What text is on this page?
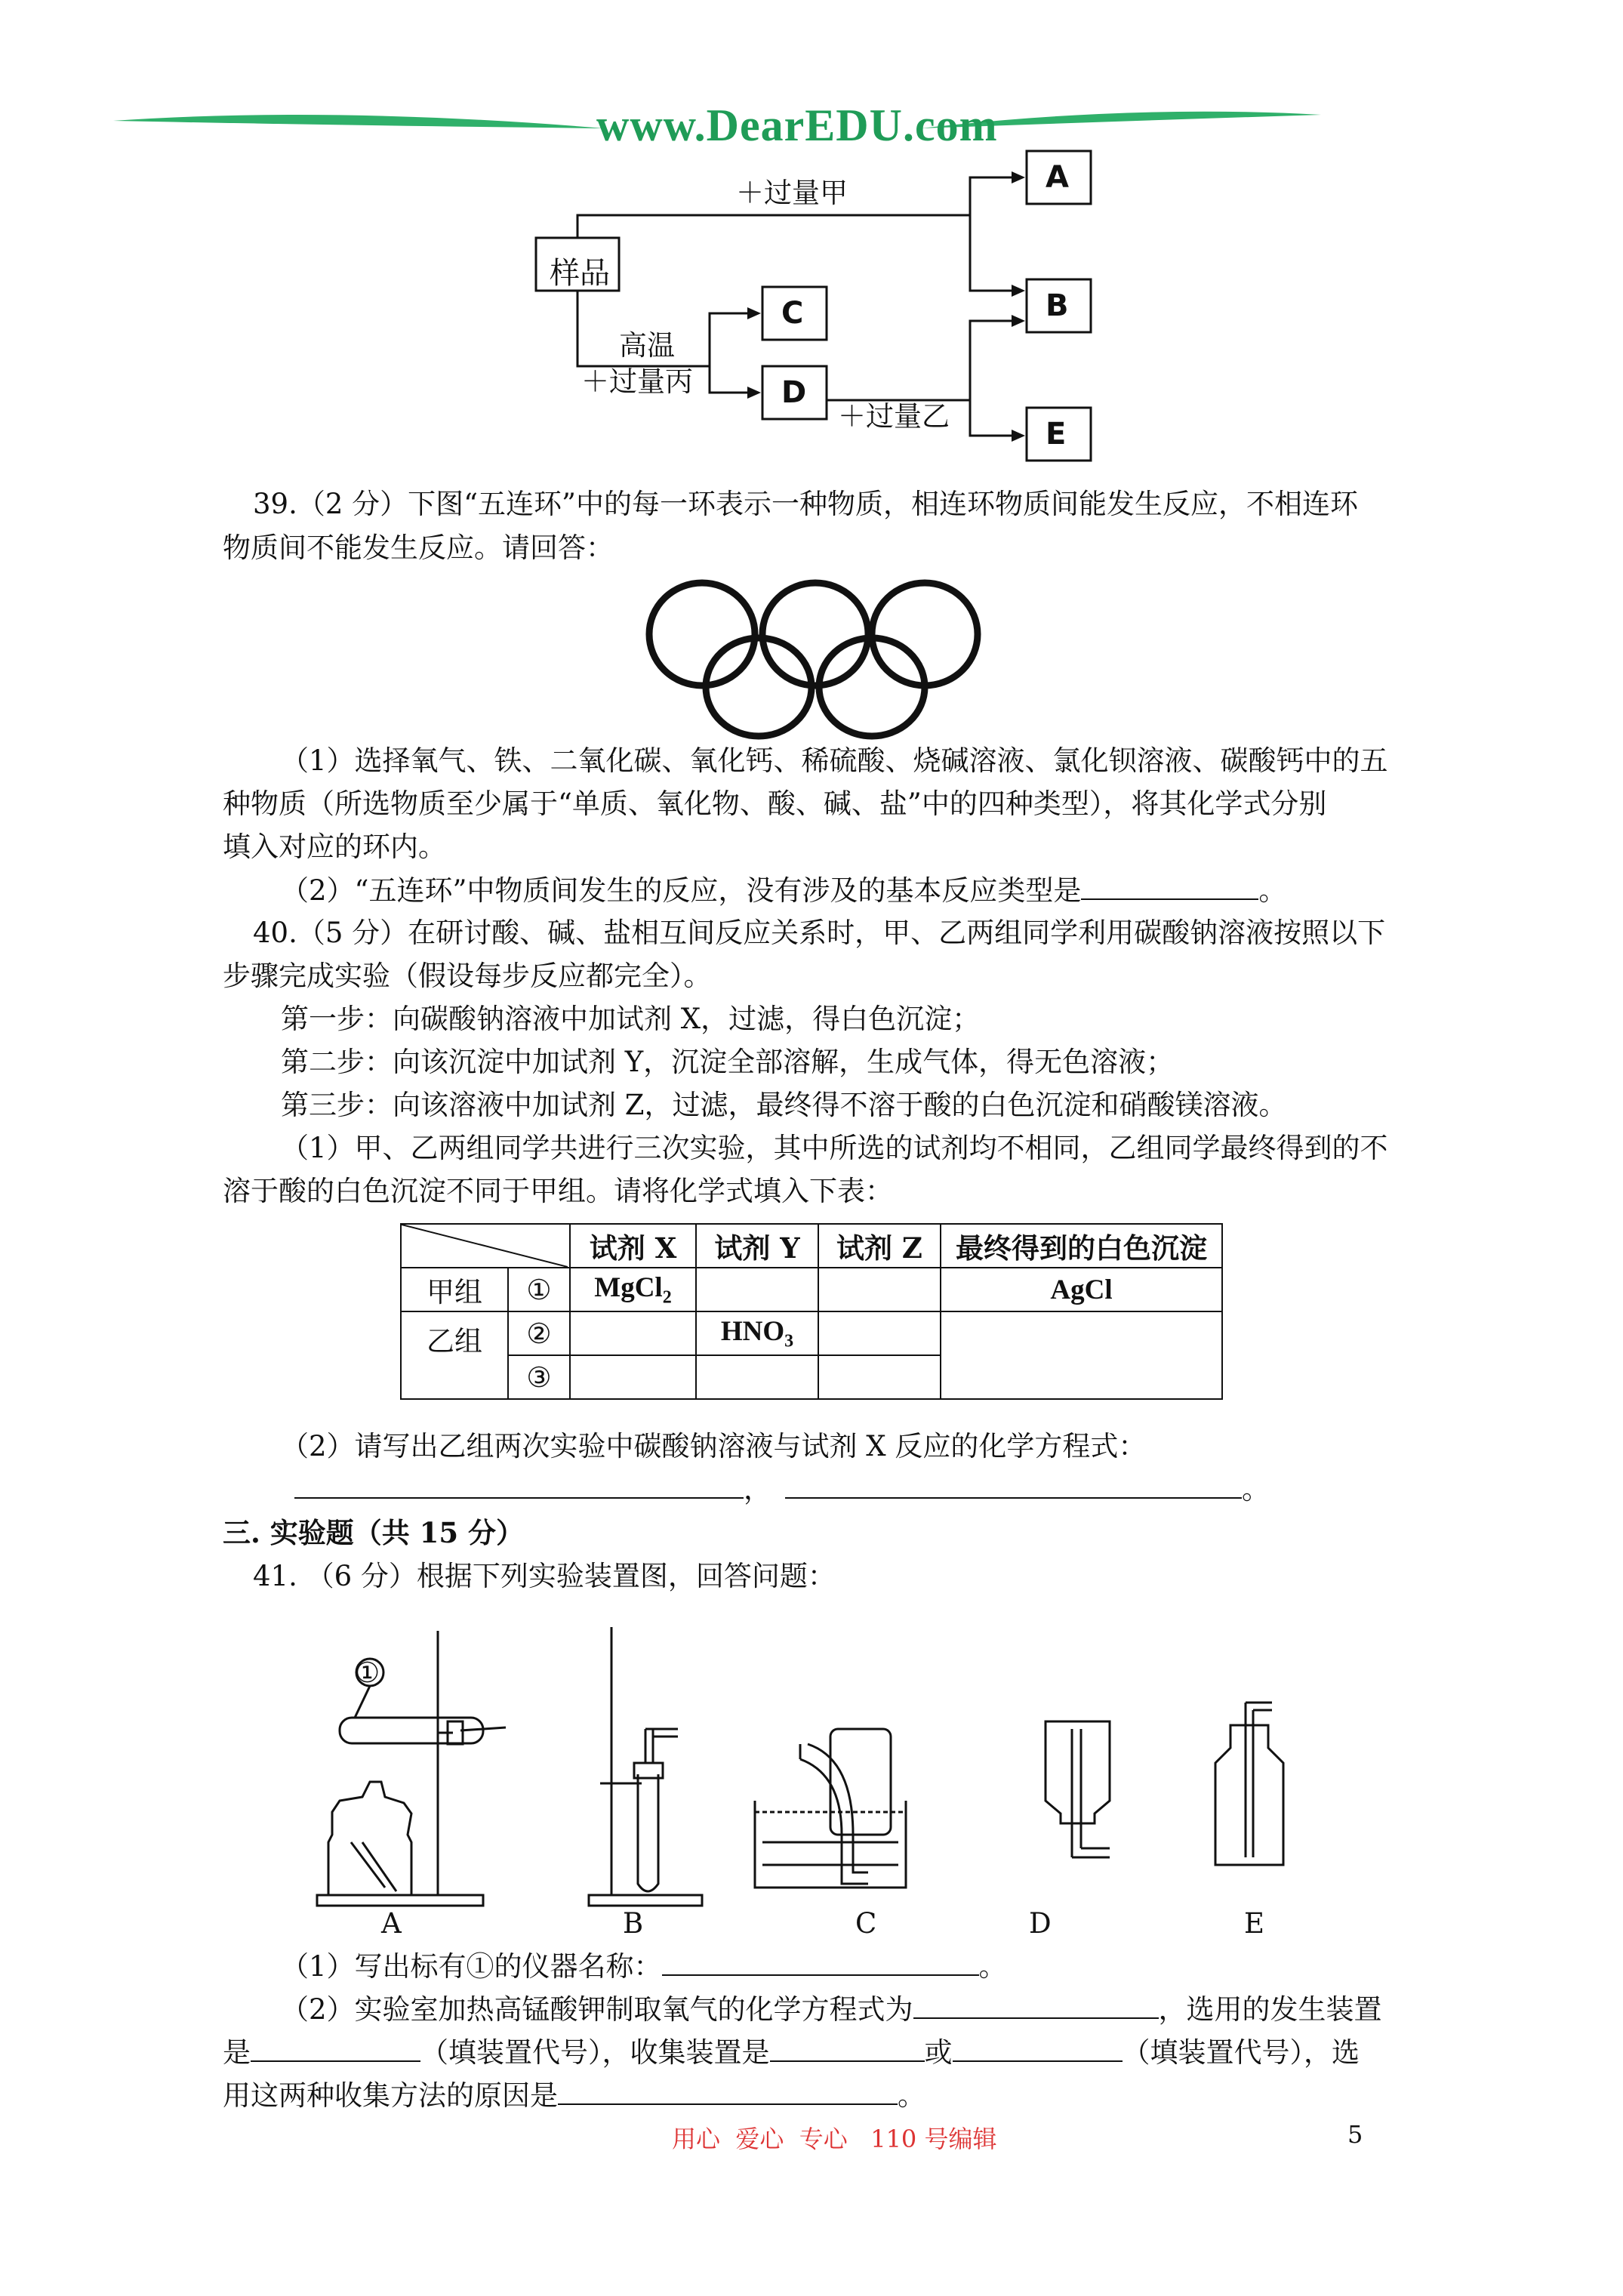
www.DearEDU.com
样品
A
B
C
D
E
＋过量甲
高温
＋过量丙
＋过量乙
39.（2 分）下图“五连环”中的每一环表示一种物质，相连环物质间能发生反应，不相连环
物质间不能发生反应。请回答：
（1）选择氧气、铁、二氧化碳、氧化钙、稀硫酸、烧碱溶液、氯化钡溶液、碳酸钙中的五
种物质（所选物质至少属于“单质、氧化物、酸、碱、盐”中的四种类型），将其化学式分别
填入对应的环内。
（2）“五连环”中物质间发生的反应，没有涉及的基本反应类型是	。
40.（5 分）在研讨酸、碱、盐相互间反应关系时，甲、乙两组同学利用碳酸钠溶液按照以下
步骤完成实验（假设每步反应都完全）。
第一步：向碳酸钠溶液中加试剂 X，过滤，得白色沉淀；
第二步：向该沉淀中加试剂 Y，沉淀全部溶解，生成气体，得无色溶液；
第三步：向该溶液中加试剂 Z，过滤，最终得不溶于酸的白色沉淀和硝酸镁溶液。
（1）甲、乙两组同学共进行三次实验，其中所选的试剂均不相同，乙组同学最终得到的不
溶于酸的白色沉淀不同于甲组。请将化学式填入下表：
	试剂 X	试剂 Y	试剂 Z	最终得到的白色沉淀
甲组	①	MgCl$_2$			AgCl
乙组	②		$HNO_3$		
	③				
（2）请写出乙组两次实验中碳酸钠溶液与试剂 X 反应的化学方程式：
，	。
三. 实验题（共 15 分）
41. （6 分）根据下列实验装置图，回答问题：
①
A	B	C	D	E
（1）写出标有①的仪器名称：	。
（2）实验室加热高锰酸钾制取氧气的化学方程式为	，选用的发生装置
是	（填装置代号），收集装置是	或	（填装置代号），选
用这两种收集方法的原因是	。
用心  爱心  专心   110 号编辑	5
